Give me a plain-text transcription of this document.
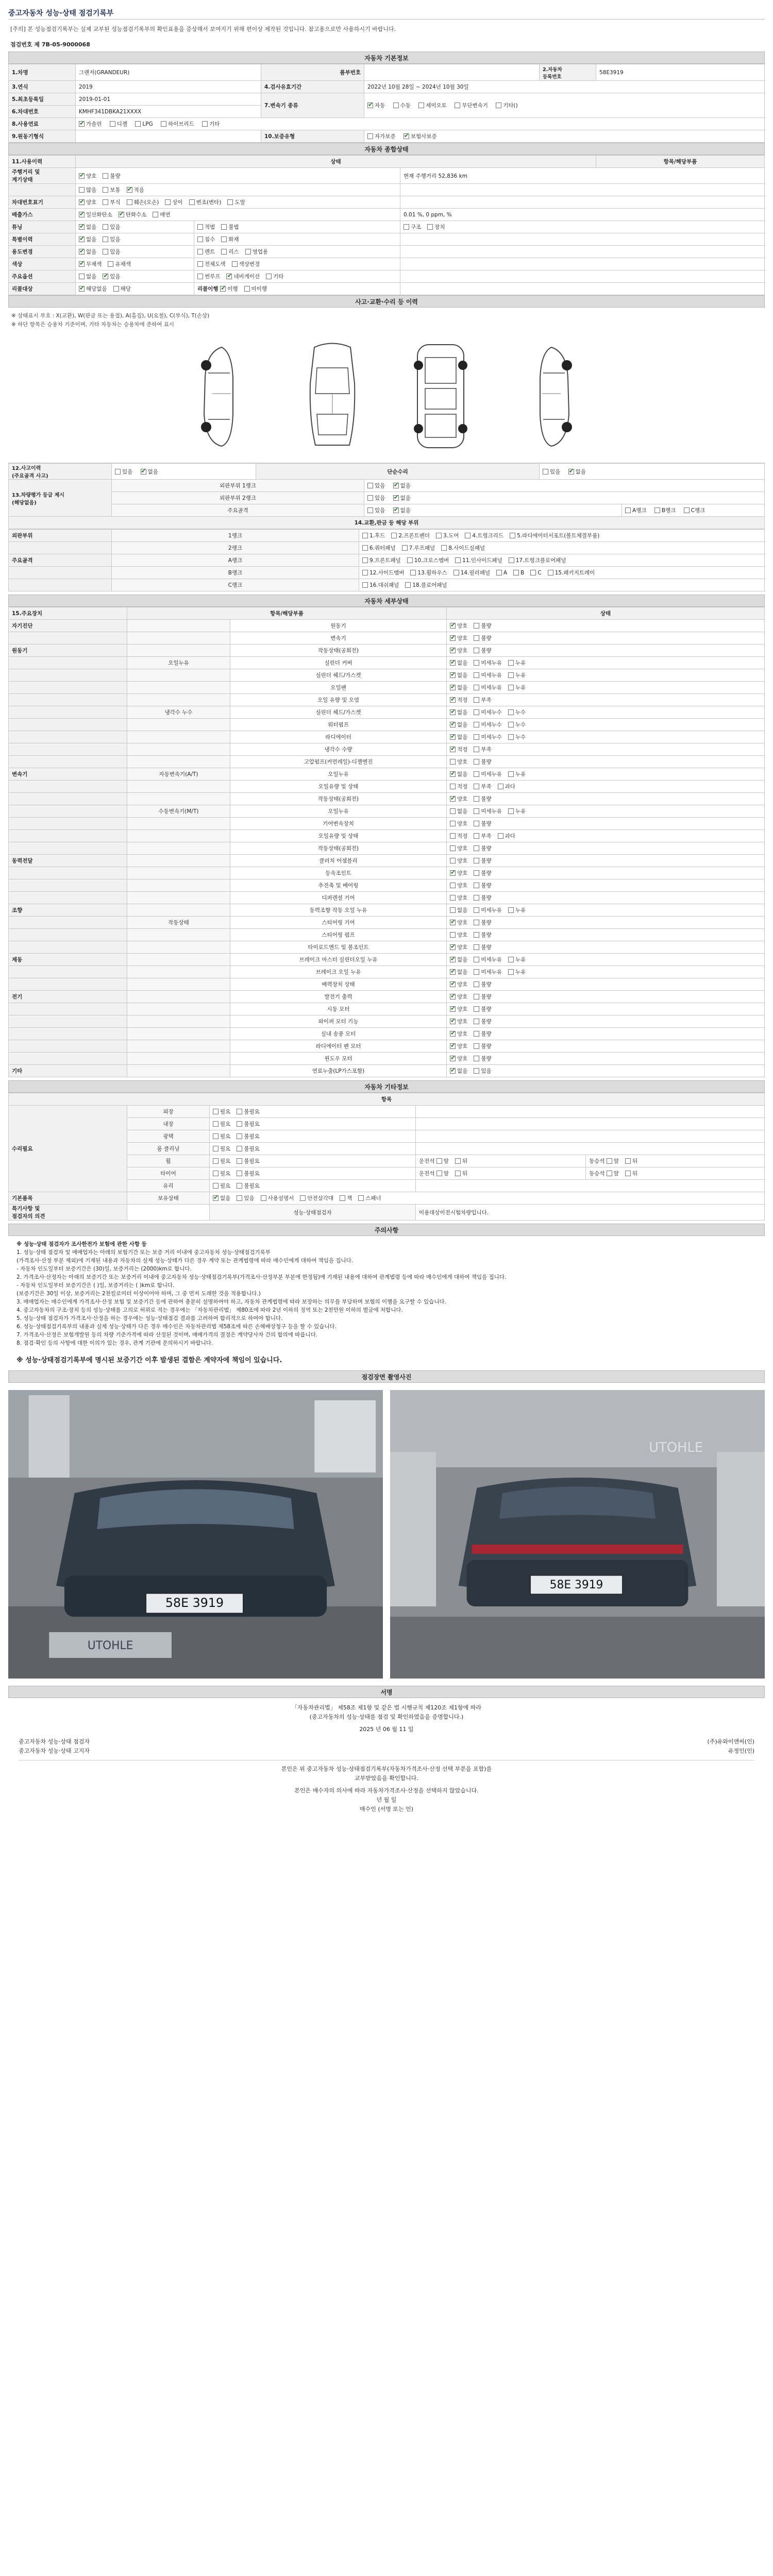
중고자동차 성능·상태 점검기록부
[주의] 본 성능점검기록부는 실제 교부된 성능점검기록부의 확인표용을 증상해서 보여지기 위해 편이상 제작된 것입니다. 참고용으로만 사용하시기 바랍니다.
점검번호 제 7B-05-9000068
자동차 기본정보
1.차명	그랜저(GRANDEUR)	품부번호		2.자동차
등록번호	58E3919
3.연식	2019	4.검사유효기간	2022년 10월 28일 ~ 2024년 10월 30일		
5.최초등록일	2019-01-01	7.변속기 종류	✔자동 수동 세미오토 무단변속기 기타()
6.차대번호	KMHF341DBKA21XXXX				
8.사용연료	✔가솔린 디젤 LPG 하이브리드 기타
9.원동기형식		10.보증유형	자가보증 ✔ 보험사보증
자동차 종합상태
11.사용이력	상태			항목/해당부품
주행거리 및
계기상태	✔양호 불량		현재 주행거리 52,836 km	
	많음 보통 ✔ 적음	
차대번호표기	✔양호 부식 훼손(오손) 상이 변조(변타) 도말	
배출가스	✔일산화탄소 ✔ 탄화수소 매연		0.01 %, 0 ppm, %	
튜닝	✔없음 있음	적법 불법	구조 장치	
특별이력	✔없음 있음	침수 화재		
용도변경	✔없음 있음	렌트 리스 영업용		
색상	✔무채색 유채색	전체도색 색상변경		
주요옵션	없음 ✔ 있음	썬루프 ✔ 네비게이션 기타	
리콜대상	✔해당없음 해당	리콜이행 ✔이행 미이행	
사고·교환·수리 등 이력
※ 상태표시 부호 : X(교환), W(판금 또는 용접), A(흠집), U(요철), C(부식), T(손상)
※ 하단 항목은 승용차 기준이며, 기타 자동차는 승용차에 준하여 표시
12.사고이력
(주요골격 사고)	있음 ✔ 없음	단순수리		있음 ✔ 없음
13.차량평가 등급 제시
(해당없음)	외판부위 1랭크		있음 ✔ 없음
	외판부위 2랭크		있음 ✔ 없음
	주요골격		있음 ✔ 없음		A랭크 B랭크 C랭크
14.교환,판금 등 해당 부위					
외판부위	1랭크	1.후드 2.프론트펜더 3.도어 4.트렁크리드 5.라디에이터서포트(볼트체결부품)
	2랭크	6.쿼터패널 7.루프패널 8.사이드실패널
주요골격	A랭크	9.프론트패널 10.크로스멤버 11.인사이드패널 17.트렁크플로어패널
	B랭크	12.사이드멤버 13.휠하우스 14.필러패널 A B C 15.패키지트레이
	C랭크	16.대쉬패널 18.플로어패널
자동차 세부상태
15.주요장치	항목/해당부품		상태
자기진단		원동기	✔양호 불량
		변속기	✔양호 불량
원동기		작동상태(공회전)	✔양호 불량
	오일누유	실린더 커버	✔없음 미세누유 누유
		실린더 헤드/가스켓	✔없음 미세누유 누유
		오일팬	✔없음 미세누유 누유
		오일 유량 및 오염	✔적정 부족
	냉각수 누수	실린더 헤드/가스켓	✔없음 미세누수 누수
		워터펌프	✔없음 미세누수 누수
		라디에이터	✔없음 미세누수 누수
		냉각수 수량	✔적정 부족
		고압펌프(커먼레일)-디젤엔진	양호 불량
변속기	자동변속기(A/T)	오일누유	✔없음 미세누유 누유
		오일유량 및 상태	적정 부족 과다
		작동상태(공회전)	✔양호 불량
	수동변속기(M/T)	오일누유	없음 미세누유 누유
		기어변속장치	양호 불량
		오일유량 및 상태	적정 부족 과다
		작동상태(공회전)	양호 불량
동력전달		클러치 어셈블리	양호 불량
		등속조인트	✔양호 불량
		추진축 및 베어링	양호 불량
		디퍼렌셜 기어	양호 불량
조향		동력조향 작동 오일 누유	없음 미세누유 누유
	작동상태	스티어링 기어	✔양호 불량
		스티어링 펌프	양호 불량
		타이로드엔드 및 볼조인트	✔양호 불량
제동		브레이크 마스터 실린더오일 누유	✔없음 미세누유 누유
		브레이크 오일 누유	✔없음 미세누유 누유
		배력장치 상태	✔양호 불량
전기		발전기 출력	✔양호 불량
		시동 모터	✔양호 불량
		와이퍼 모터 기능	✔양호 불량
		실내 송풍 모터	✔양호 불량
		라디에이터 팬 모터	✔양호 불량
		윈도우 모터	✔양호 불량
기타		연료누출(LP가스포함)	✔없음 있음
자동차 기타정보
항목				
수리필요	외장	필요 불필요		
	내장	필요 불필요		
	광택	필요 불필요		
	룸 클리닝	필요 불필요		
	휠	필요 불필요	운전석 앞 뒤	동승석 앞 뒤
	타이어	필요 불필요	운전석 앞 뒤	동승석 앞 뒤
	유리	필요 불필요		
기본품목	보유상태	✔없음 있음 사용설명서 안전삼각대 잭 스패너
특기사항 및
점검자의 의견		성능·상태점검자	이용대상이전시험차량입니다.	
주의사항
※ 성능·상태 점검자가 조사한전가 보험에 관한 사항 등
1. 성능·상태 점검자 및 매매업자는 아래의 보험기간 또는 보증 거리 이내에 중고자동차 성능·상태점검기록부
(가격조사·산정 부분 제외)에 기재된 내용과 자동차의 실제 성능·상태가 다른 경우 계약 또는 관계법령에 따라 매수인에게 대하여 책임을 집니다.
- 자동차 인도일부터 보증기간은 (30)일, 보증거리는 (2000)km로 합니다.
2. 가격조사·산정자는 아래의 보증기간 또는 보증거리 이내에 중고자동차 성능·상태점검기록부(가격조사·산정부분 부분에 한정됨)에 기재된 내용에 대하여 관계법령 등에 따라 매수인에게 대하여 책임을 집니다.
- 자동차 인도일부터 보증기간은 ( )일, 보증거리는 ( )km로 합니다.
(보증기간은 30일 이상, 보증거리는 2천킬로미터 이상이어야 하며, 그 중 먼저 도래한 것을 적용합니다.)
3. 매매업자는 매수인에게 가격조사·산정 보험 및 보증기간 등에 관하여 충분히 설명하여야 하고, 자동차 관계법령에 따라 보장하는 의무를 부담하며 보험의 이행을 요구할 수 있습니다.
4. 중고자동차의 구조·장치 등의 성능·상태를 고의로 허위로 적는 경우에는 「자동차관리법」 제80조에 따라 2년 이하의 징역 또는 2천만원 이하의 벌금에 처합니다.
5. 성능·상태 점검자가 가격조사·산정을 하는 경우에는 성능·상태점검 결과를 고려하여 합리적으로 하여야 합니다.
6. 성능·상태점검기록부의 내용과 실제 성능·상태가 다른 경우 매수인은 자동차관리법 제58조에 따른 손해배상청구 등을 할 수 있습니다.
7. 가격조사·산정은 보험개발원 등의 차량 기준가격에 따라 산정된 것이며, 매매가격의 결정은 계약당사자 간의 합의에 따릅니다.
8. 점검·확인 등의 사항에 대한 이의가 있는 경우, 관계 기관에 문의하시기 바랍니다.
※ 성능·상태점검기록부에 명시된 보증기간 이후 발생된 결함은 계약자에 책임이 있습니다.
점검장면 촬영사진
58E 3919
UTOHLE
58E 3919
UTOHLE
서명
「자동차관리법」 제58조 제1항 및 같은 법 시행규칙 제120조 제1항에 따라
(중고자동차의 성능·상태를 점검 및 확인하였음을 증명합니다.)
2025 년 06 월 11 일
중고자동차 성능·상태 점검자	(주)유와이앤씨(인)
중고자동차 성능·상태 고지자	유정인(인)
본인은 위 중고자동차 성능·상태점검기록부(자동차가격조사·산정 선택 부분을 포함)를
교부받았음을 확인합니다.
본인은 매수자의 의사에 따라 자동차가격조사·산정을 선택하지 않았습니다.
년 월 일
매수인 (서명 또는 인)
